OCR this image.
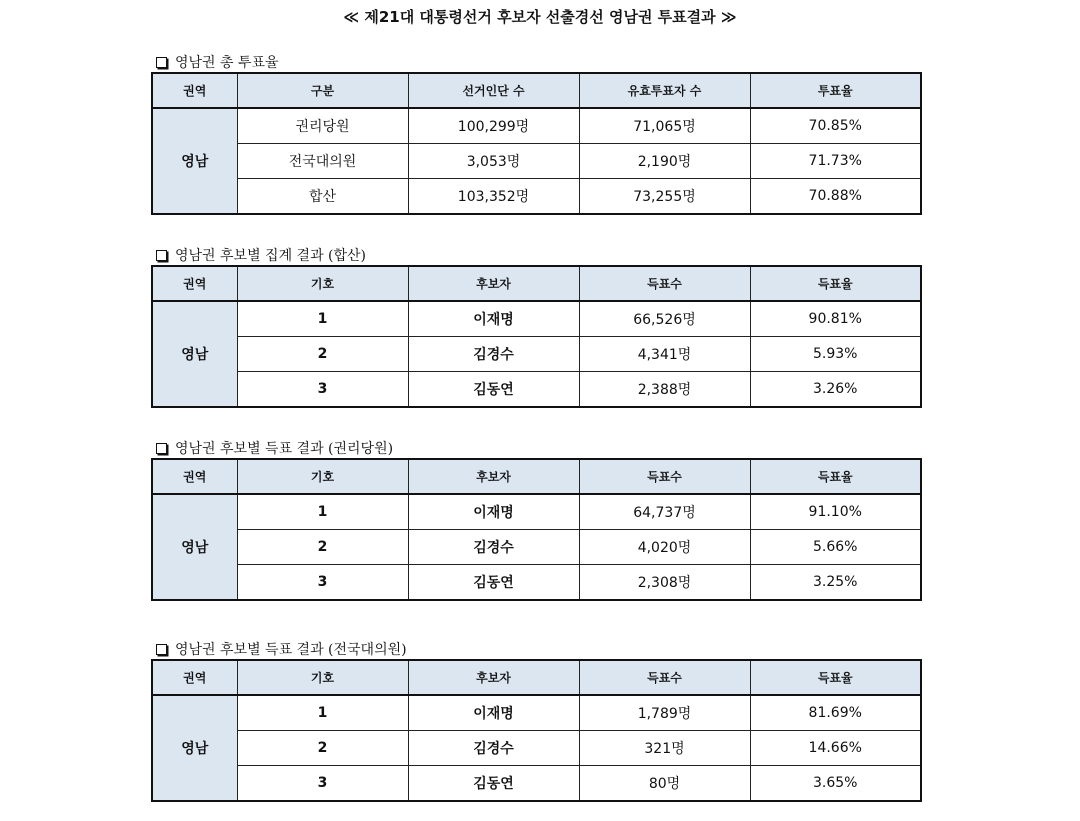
≪ 제21대 대통령선거 후보자 선출경선 영남권 투표결과 ≫
영남권 총 투표율
권역	구분	선거인단 수	유효투표자 수	투표율
영남	권리당원	100,299명	71,065명	70.85%
	전국대의원	3,053명	2,190명	71.73%
	합산	103,352명	73,255명	70.88%
영남권 후보별 집계 결과 (합산)
권역	기호	후보자	득표수	득표율
영남	1	이재명	66,526명	90.81%
	2	김경수	4,341명	5.93%
	3	김동연	2,388명	3.26%
영남권 후보별 득표 결과 (권리당원)
권역	기호	후보자	득표수	득표율
영남	1	이재명	64,737명	91.10%
	2	김경수	4,020명	5.66%
	3	김동연	2,308명	3.25%
영남권 후보별 득표 결과 (전국대의원)
권역	기호	후보자	득표수	득표율
영남	1	이재명	1,789명	81.69%
	2	김경수	321명	14.66%
	3	김동연	80명	3.65%
